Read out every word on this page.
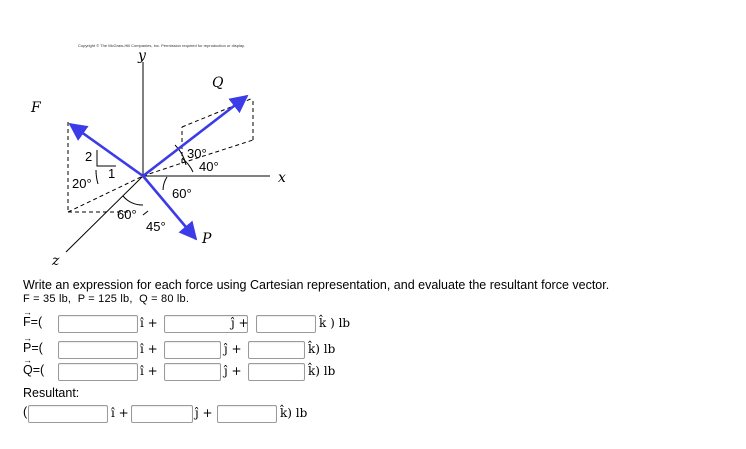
Copyright © The McGraw-Hill Companies, Inc. Permission required for reproduction or display.
y
x
z
F
Q
P
30°
40°
60°
60°
45°
20°
2
1
Write an expression for each force using Cartesian representation, and evaluate the resultant force vector.
F = 35 lb, P = 125 lb, Q = 80 lb.
→
F=(	î +	ĵ +	k̂ ) lb
→
P=(	î +	ĵ +	k̂) lb
→
Q=(	î +	ĵ +	k̂) lb
Resultant:
(	î +	ĵ +	k̂) lb
